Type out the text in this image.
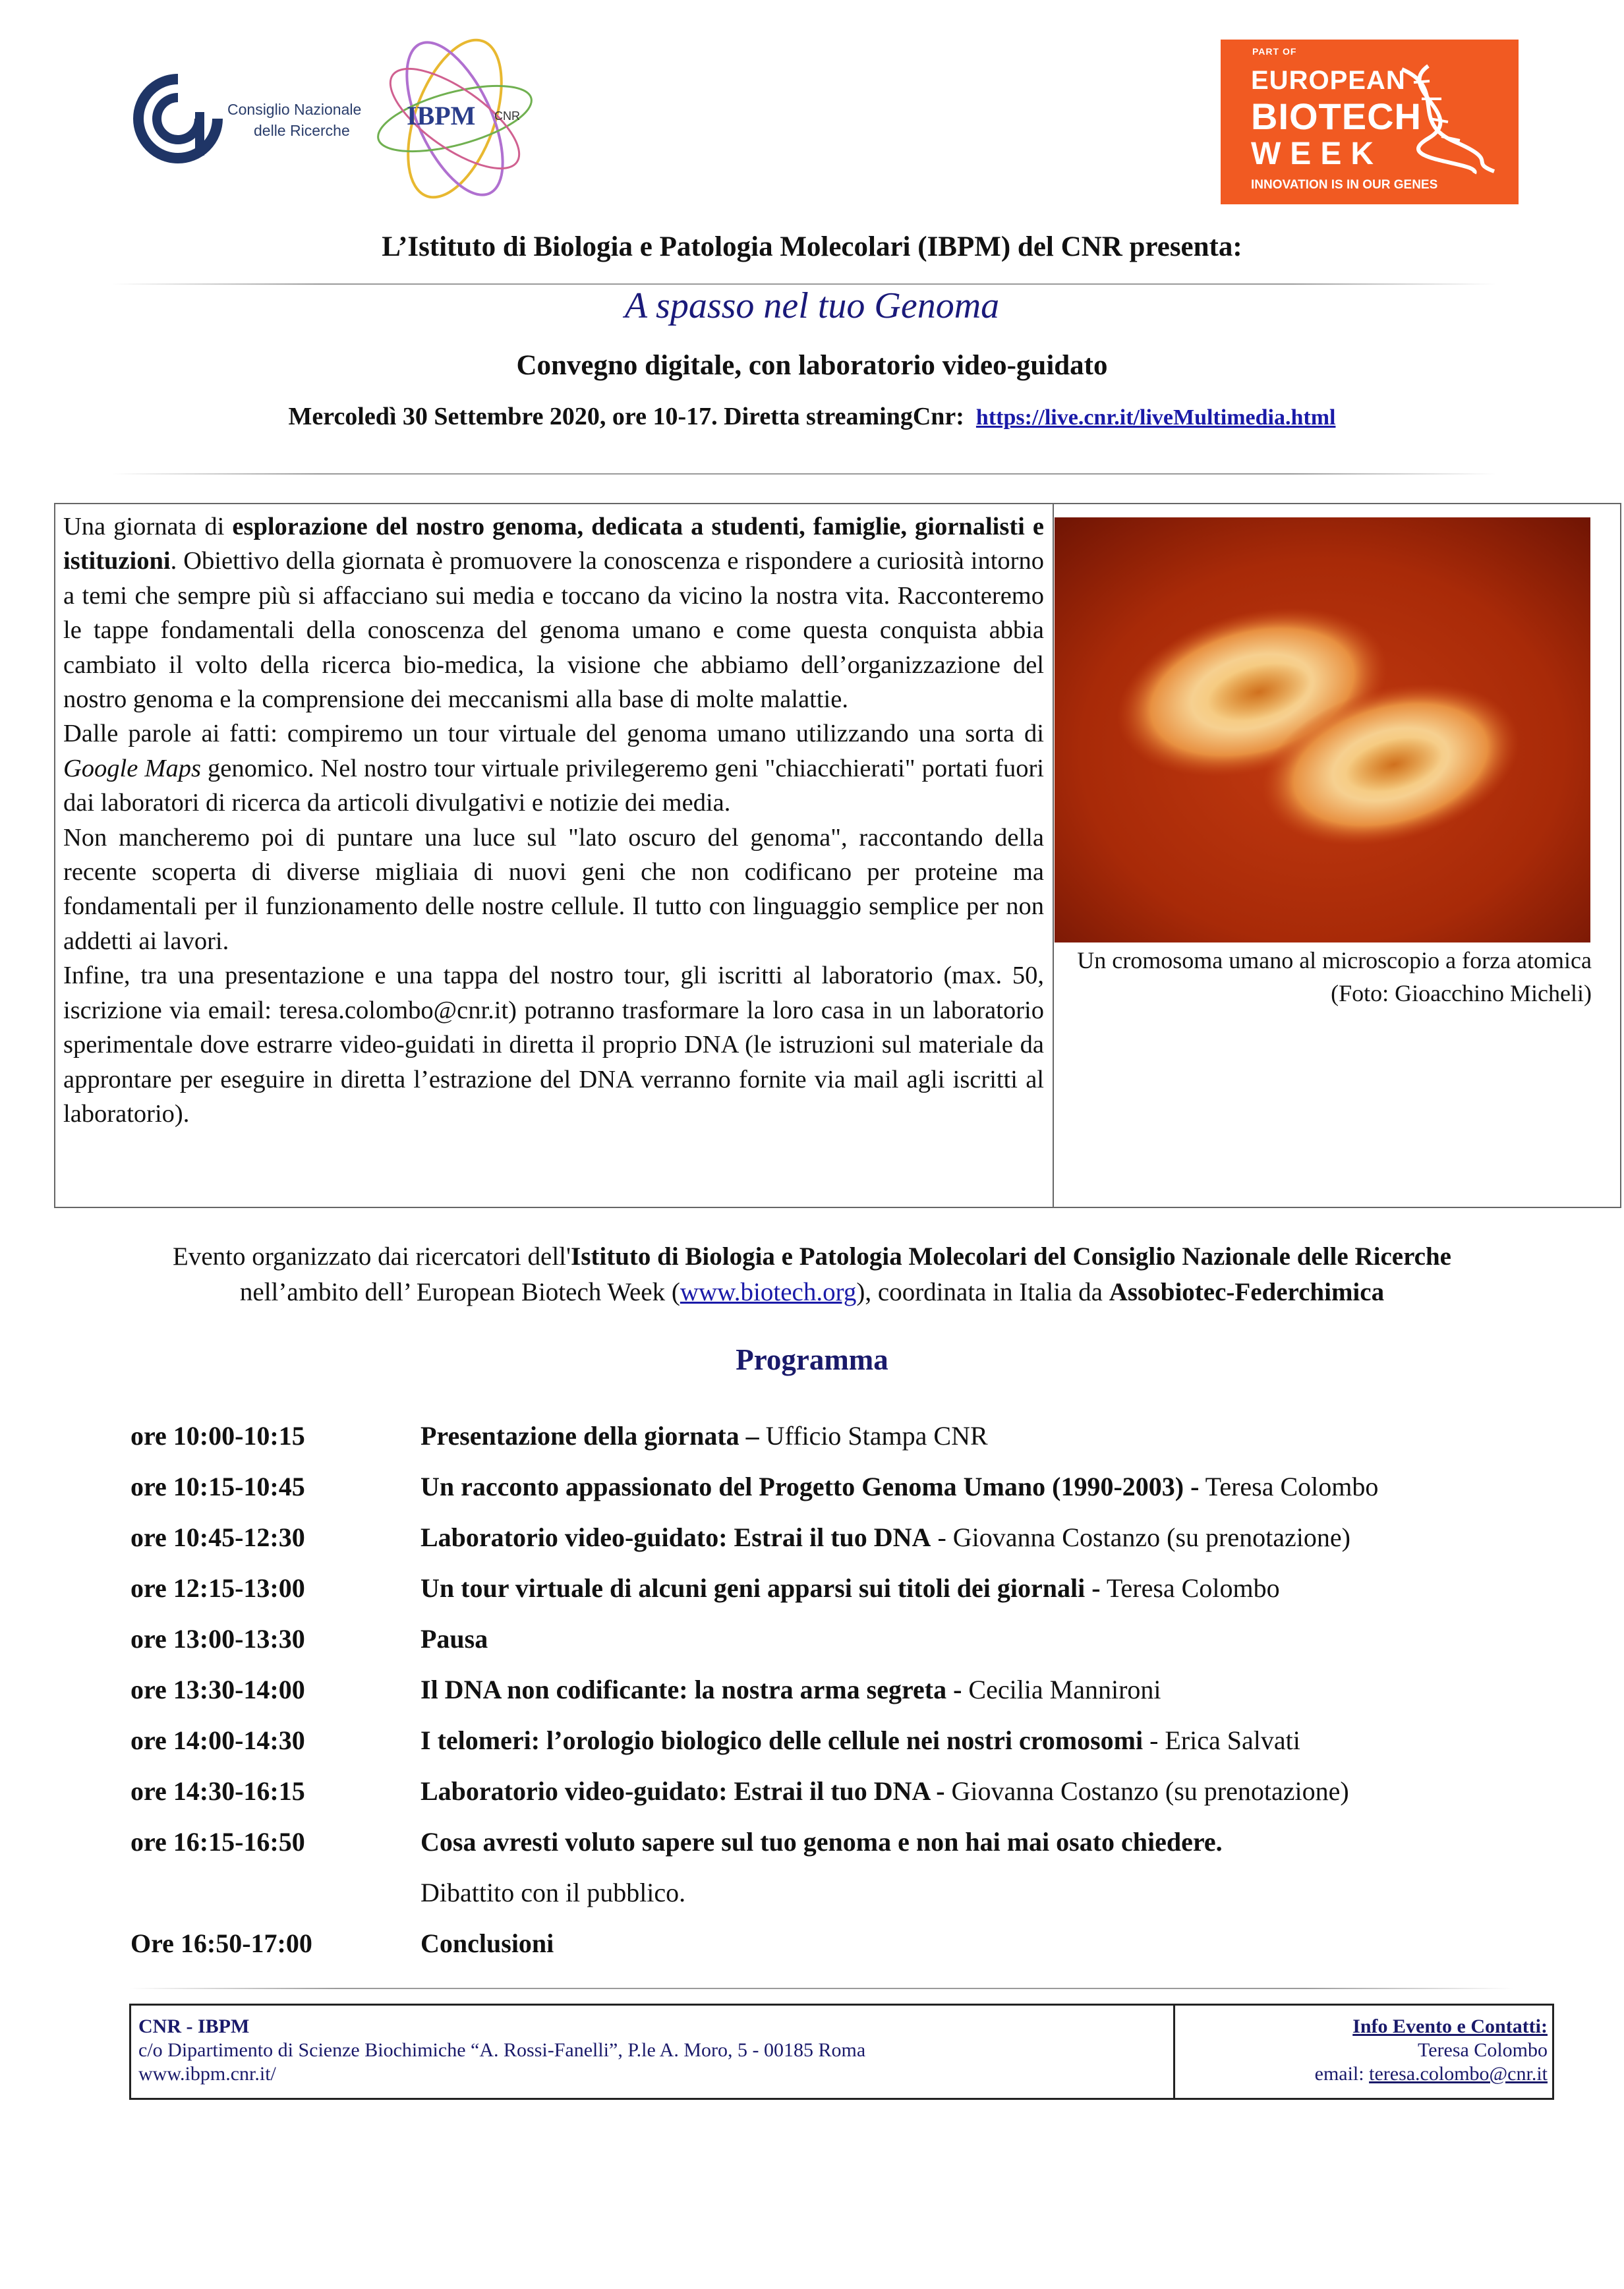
Consiglio Nazionale
delle Ricerche	IBPM CNR
PART OF
EUROPEAN
BIOTECH
WEEK
INNOVATION IS IN OUR GENES
L’Istituto di Biologia e Patologia Molecolari (IBPM) del CNR presenta:
A spasso nel tuo Genoma
Convegno digitale, con laboratorio video-guidato
Mercoledì 30 Settembre 2020, ore 10-17. Diretta streamingCnr: https://live.cnr.it/liveMultimedia.html

Una giornata di esplorazione del nostro genoma, dedicata a studenti, famiglie, giornalisti e istituzioni. Obiettivo della giornata è promuovere la conoscenza e rispondere a curiosità intorno a temi che sempre più si affacciano sui media e toccano da vicino la nostra vita. Racconteremo le tappe fondamentali della conoscenza del genoma umano e come questa conquista abbia cambiato il volto della ricerca bio-medica, la visione che abbiamo dell’organizzazione del nostro genoma e la comprensione dei meccanismi alla base di molte malattie.

Dalle parole ai fatti: compiremo un tour virtuale del genoma umano utilizzando una sorta di Google Maps genomico. Nel nostro tour virtuale privilegeremo geni "chiacchierati" portati fuori dai laboratori di ricerca da articoli divulgativi e notizie dei media.

Non mancheremo poi di puntare una luce sul "lato oscuro del genoma", raccontando della recente scoperta di diverse migliaia di nuovi geni che non codificano per proteine ma fondamentali per il funzionamento delle nostre cellule. Il tutto con linguaggio semplice per non addetti ai lavori.

Infine, tra una presentazione e una tappa del nostro tour, gli iscritti al laboratorio (max. 50, iscrizione via email: teresa.colombo@cnr.it) potranno trasformare la loro casa in un laboratorio sperimentale dove estrarre video-guidati in diretta il proprio DNA (le istruzioni sul materiale da approntare per eseguire in diretta l’estrazione del DNA verranno fornite via mail agli iscritti al laboratorio).

Un cromosoma umano al microscopio a forza atomica (Foto: Gioacchino Micheli)
Evento organizzato dai ricercatori dell'Istituto di Biologia e Patologia Molecolari del Consiglio Nazionale delle Ricerche
nell’ambito dell’ European Biotech Week (www.biotech.org), coordinata in Italia da Assobiotec-Federchimica
Programma
ore 10:00-10:15	Presentazione della giornata – Ufficio Stampa CNR
ore 10:15-10:45	Un racconto appassionato del Progetto Genoma Umano (1990-2003) - Teresa Colombo
ore 10:45-12:30	Laboratorio video-guidato: Estrai il tuo DNA - Giovanna Costanzo (su prenotazione)
ore 12:15-13:00	Un tour virtuale di alcuni geni apparsi sui titoli dei giornali - Teresa Colombo
ore 13:00-13:30	Pausa
ore 13:30-14:00	Il DNA non codificante: la nostra arma segreta - Cecilia Mannironi
ore 14:00-14:30	I telomeri: l’orologio biologico delle cellule nei nostri cromosomi - Erica Salvati
ore 14:30-16:15	Laboratorio video-guidato: Estrai il tuo DNA - Giovanna Costanzo (su prenotazione)
ore 16:15-16:50	Cosa avresti voluto sapere sul tuo genoma e non hai mai osato chiedere.
Dibattito con il pubblico.
Ore 16:50-17:00	Conclusioni
CNR - IBPM
c/o Dipartimento di Scienze Biochimiche “A. Rossi-Fanelli”, P.le A. Moro, 5 - 00185 Roma
www.ibpm.cnr.it/
Info Evento e Contatti:
Teresa Colombo
email: teresa.colombo@cnr.it
